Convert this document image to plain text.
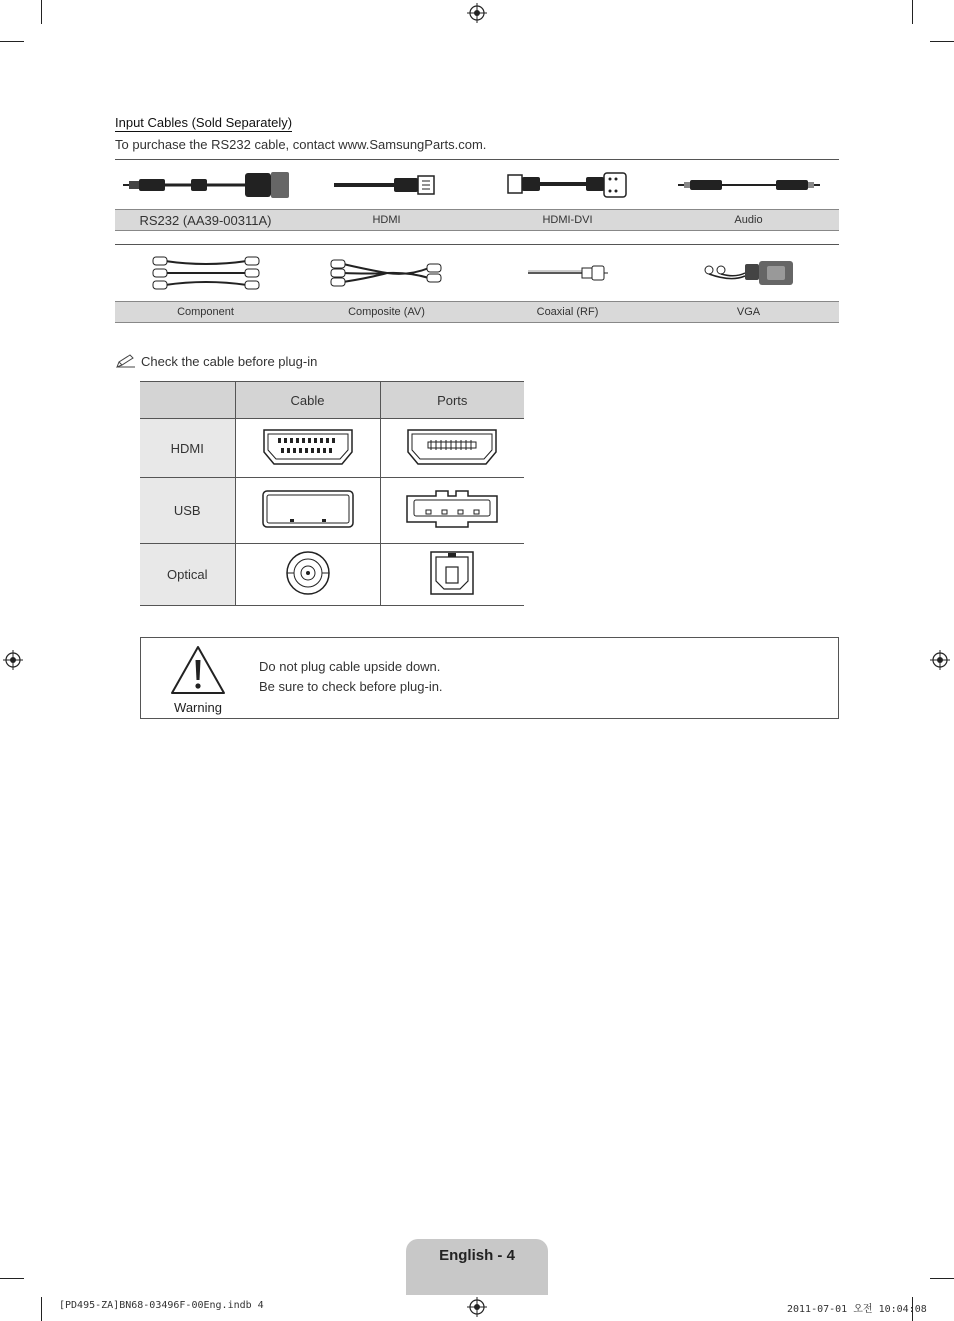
Input Cables (Sold Separately)
To purchase the RS232 cable, contact www.SamsungParts.com.
RS232 (AA39-00311A)	HDMI	HDMI-DVI	Audio
Component	Composite (AV)	Coaxial (RF)	VGA
Check the cable before plug-in
	Cable	Ports
HDMI		
USB		
Optical		
Warning
Do not plug cable upside down.
Be sure to check before plug-in.
English - 4
[PD495-ZA]BN68-03496F-00Eng.indb 4	2011-07-01 오전 10:04:08
